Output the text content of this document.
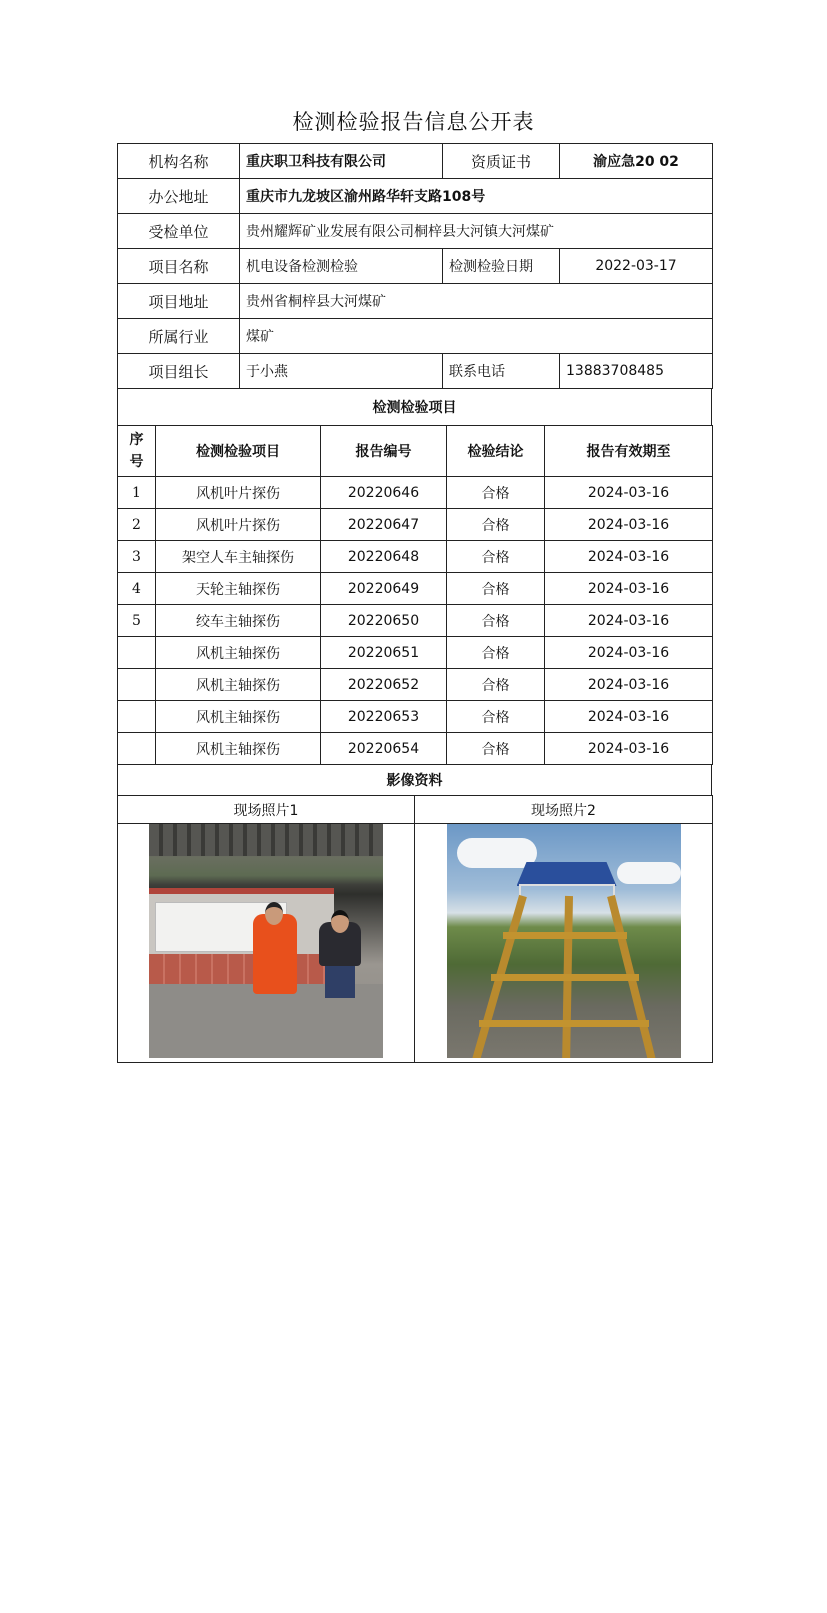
检测检验报告信息公开表
机构名称	重庆职卫科技有限公司	资质证书	渝应急20 02
办公地址	重庆市九龙坡区渝州路华轩支路108号		
受检单位	贵州耀辉矿业发展有限公司桐梓县大河镇大河煤矿		
项目名称	机电设备检测检验	检测检验日期	2022-03-17
项目地址	贵州省桐梓县大河煤矿		
所属行业	煤矿		
项目组长	于小燕	联系电话	13883708485
检测检验项目
序号	检测检验项目	报告编号	检验结论	报告有效期至
1	风机叶片探伤	20220646	合格	2024-03-16
2	风机叶片探伤	20220647	合格	2024-03-16
3	架空人车主轴探伤	20220648	合格	2024-03-16
4	天轮主轴探伤	20220649	合格	2024-03-16
5	绞车主轴探伤	20220650	合格	2024-03-16
	风机主轴探伤	20220651	合格	2024-03-16
	风机主轴探伤	20220652	合格	2024-03-16
	风机主轴探伤	20220653	合格	2024-03-16
	风机主轴探伤	20220654	合格	2024-03-16
影像资料
现场照片1	现场照片2
